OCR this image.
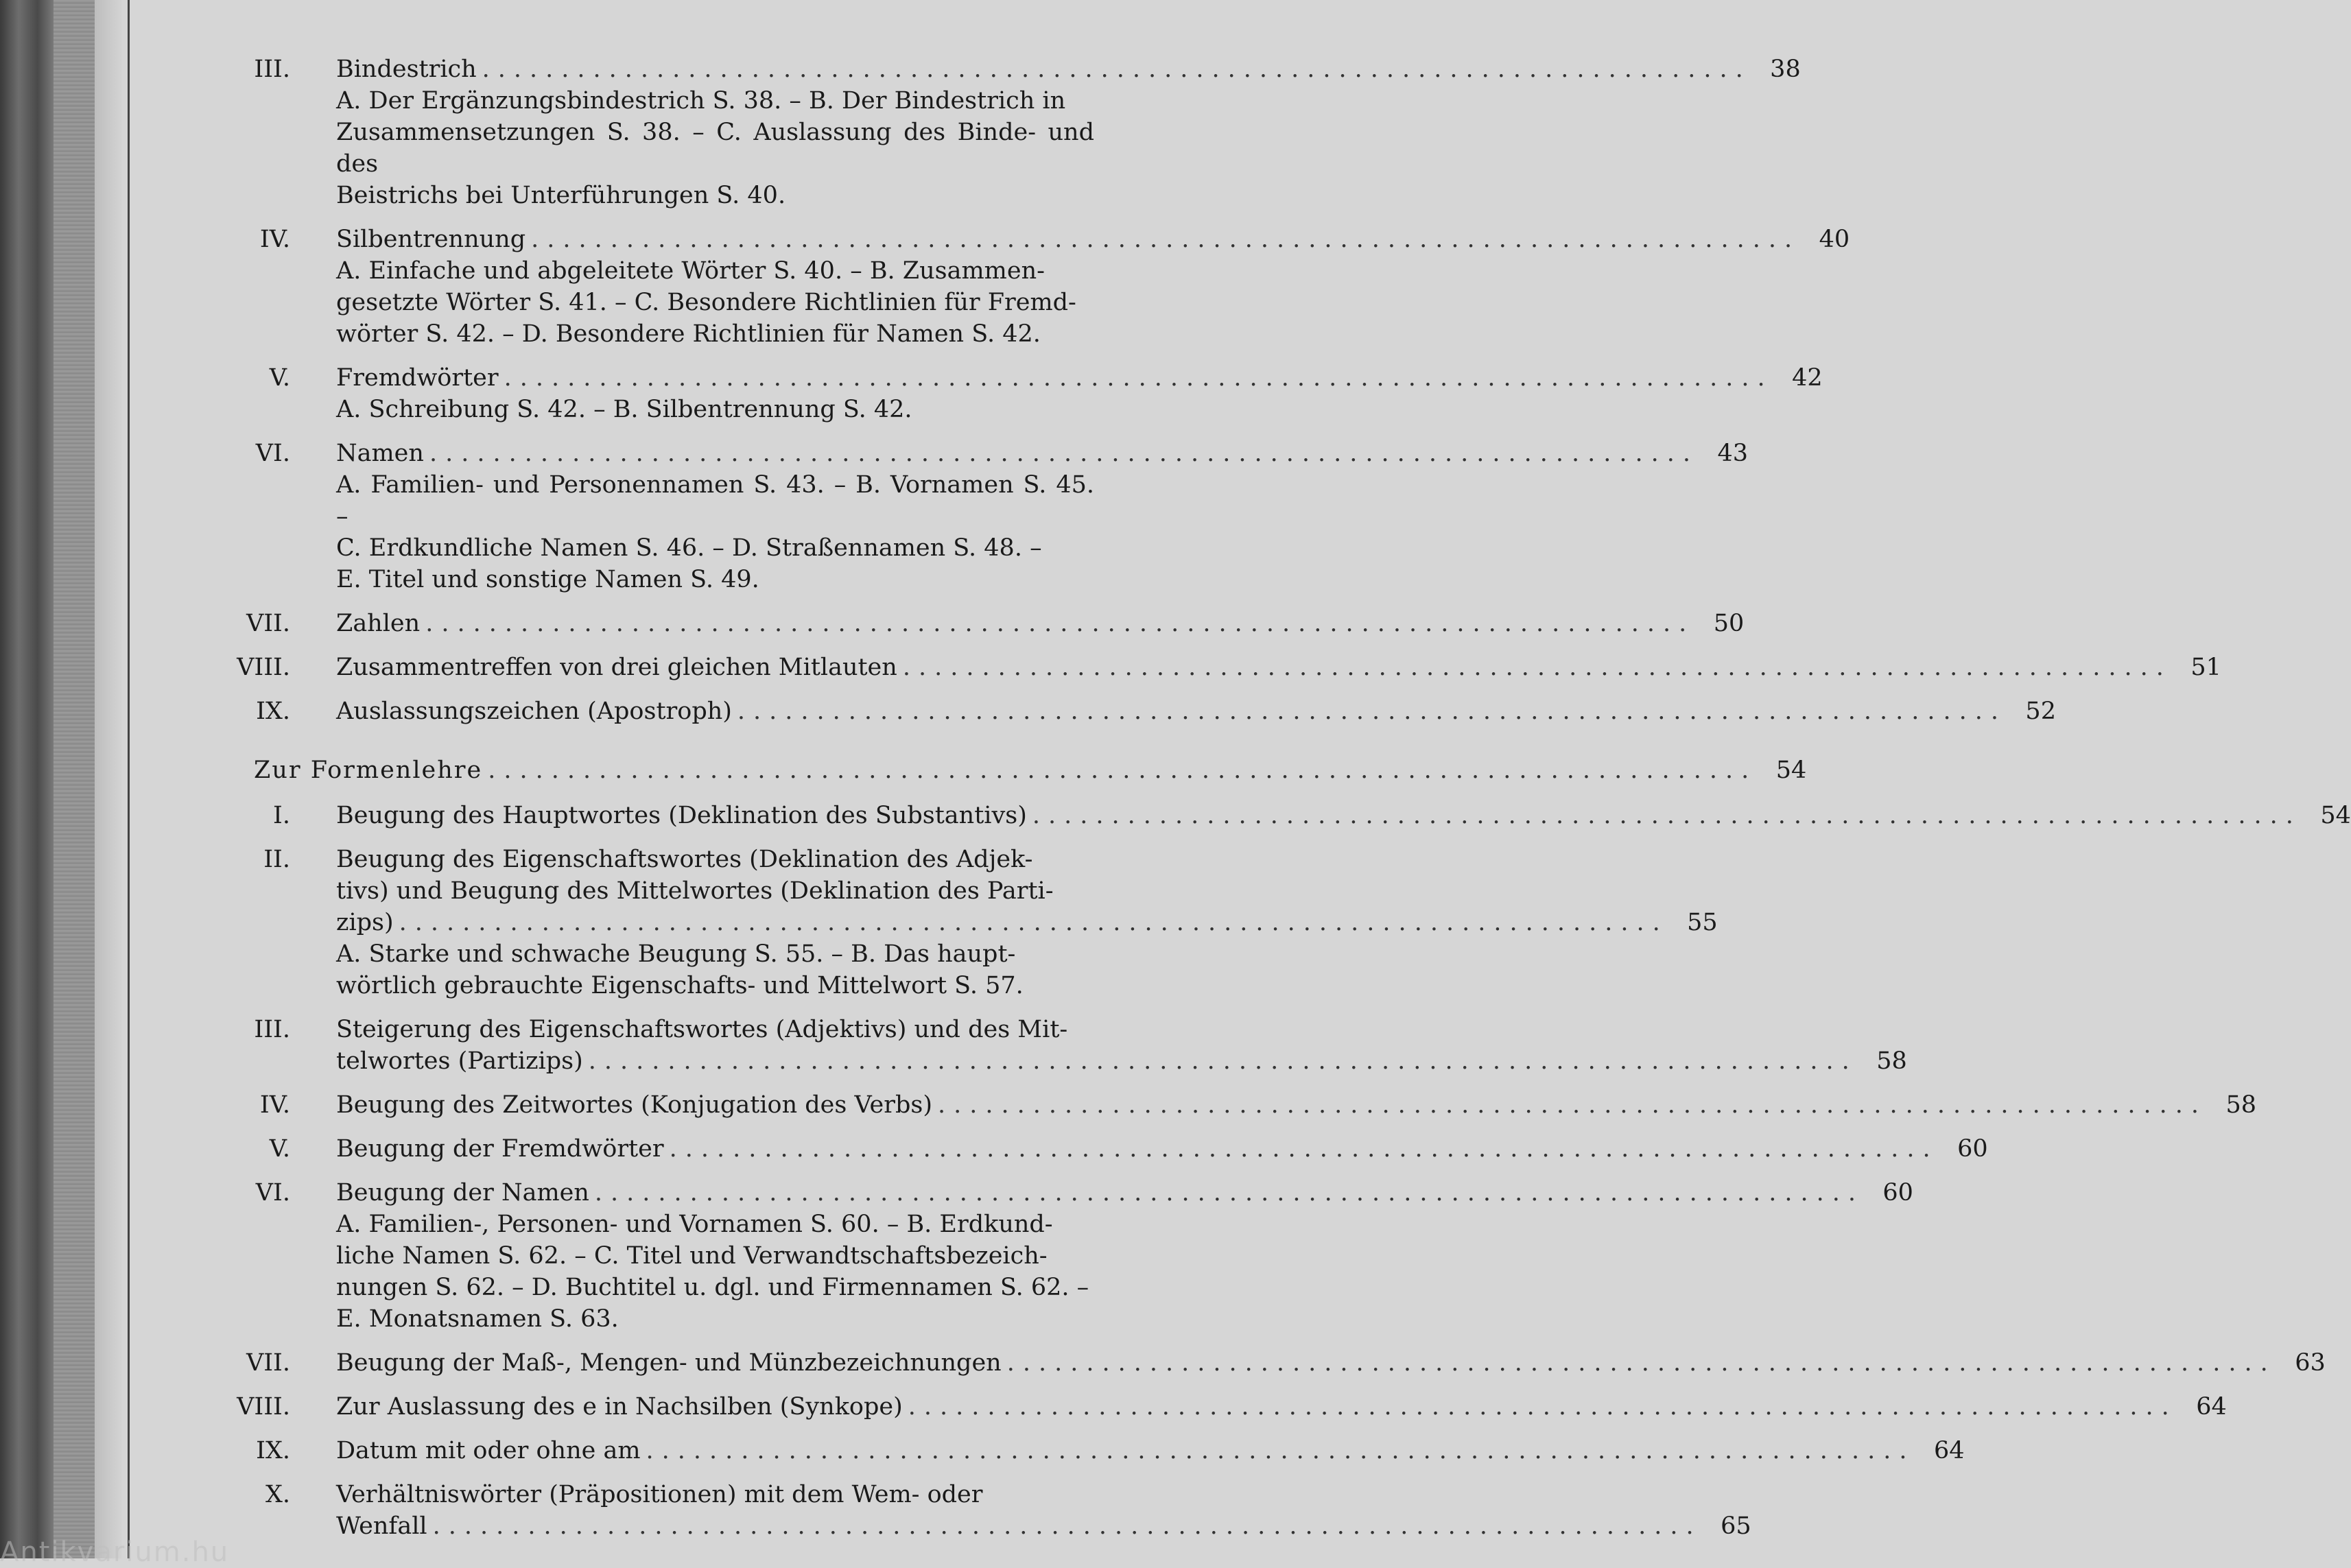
III. Bindestrich ................................................................................ 38
A. Der Ergänzungsbindestrich S. 38. – B. Der Bindestrich in
Zusammensetzungen S. 38. – C. Auslassung des Binde- und des
Beistrichs bei Unterführungen S. 40.
IV. Silbentrennung ................................................................................ 40
A. Einfache und abgeleitete Wörter S. 40. – B. Zusammen-
gesetzte Wörter S. 41. – C. Besondere Richtlinien für Fremd-
wörter S. 42. – D. Besondere Richtlinien für Namen S. 42.
V. Fremdwörter ................................................................................ 42
A. Schreibung S. 42. – B. Silbentrennung S. 42.
VI. Namen ................................................................................ 43
A. Familien- und Personennamen S. 43. – B. Vornamen S. 45. –
C. Erdkundliche Namen S. 46. – D. Straßennamen S. 48. –
E. Titel und sonstige Namen S. 49.
VII. Zahlen ................................................................................ 50
VIII. Zusammentreffen von drei gleichen Mitlauten ................................................................................ 51
IX. Auslassungszeichen (Apostroph) ................................................................................ 52
Zur Formenlehre ................................................................................ 54
I. Beugung des Hauptwortes (Deklination des Substantivs) ................................................................................ 54
II. Beugung des Eigenschaftswortes (Deklination des Adjek-
tivs) und Beugung des Mittelwortes (Deklination des Parti-
zips) ................................................................................ 55
A. Starke und schwache Beugung S. 55. – B. Das haupt-
wörtlich gebrauchte Eigenschafts- und Mittelwort S. 57.
III. Steigerung des Eigenschaftswortes (Adjektivs) und des Mit-
telwortes (Partizips) ................................................................................ 58
IV. Beugung des Zeitwortes (Konjugation des Verbs) ................................................................................ 58
V. Beugung der Fremdwörter ................................................................................ 60
VI. Beugung der Namen ................................................................................ 60
A. Familien-, Personen- und Vornamen S. 60. – B. Erdkund-
liche Namen S. 62. – C. Titel und Verwandtschaftsbezeich-
nungen S. 62. – D. Buchtitel u. dgl. und Firmennamen S. 62. –
E. Monatsnamen S. 63.
VII. Beugung der Maß-, Mengen- und Münzbezeichnungen ................................................................................ 63
VIII. Zur Auslassung des e in Nachsilben (Synkope) ................................................................................ 64
IX. Datum mit oder ohne am ................................................................................ 64
X. Verhältniswörter (Präpositionen) mit dem Wem- oder
Wenfall ................................................................................ 65
Antikvarium.hu
